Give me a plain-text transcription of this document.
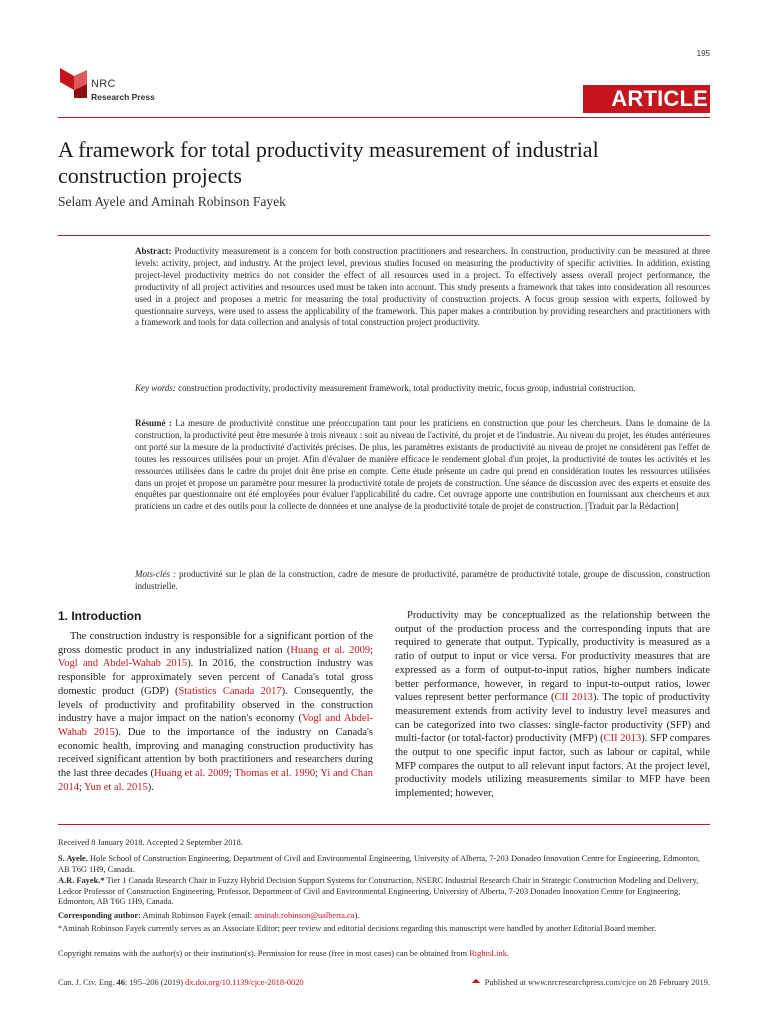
195
NRC
Research Press	ARTICLE
A framework for total productivity measurement of industrial construction projects
Selam Ayele and Aminah Robinson Fayek
Abstract: Productivity measurement is a concern for both construction practitioners and researchers. In construction, productivity can be measured at three levels: activity, project, and industry. At the project level, previous studies focused on measuring the productivity of specific activities. In addition, existing project-level productivity metrics do not consider the effect of all resources used in a project. To effectively assess overall project performance, the productivity of all project activities and resources used must be taken into account. This study presents a framework that takes into consideration all resources used in a project and proposes a metric for measuring the total productivity of construction projects. A focus group session with experts, followed by questionnaire surveys, were used to assess the applicability of the framework. This paper makes a contribution by providing researchers and practitioners with a framework and tools for data collection and analysis of total construction project productivity.
Key words: construction productivity, productivity measurement framework, total productivity metric, focus group, industrial construction.
Résumé : La mesure de productivité constitue une préoccupation tant pour les praticiens en construction que pour les chercheurs. Dans le domaine de la construction, la productivité peut être mesurée à trois niveaux : soit au niveau de l'activité, du projet et de l'industrie. Au niveau du projet, les études antérieures ont porté sur la mesure de la productivité d'activités précises. De plus, les paramètres existants de productivité au niveau de projet ne considèrent pas l'effet de toutes les ressources utilisées pour un projet. Afin d'évaluer de manière efficace le rendement global d'un projet, la productivité de toutes les activités et les ressources utilisées dans le cadre du projet doit être prise en compte. Cette étude présente un cadre qui prend en considération toutes les ressources utilisées dans un projet et propose un paramètre pour mesurer la productivité totale de projets de construction. Une séance de discussion avec des experts et ensuite des enquêtes par questionnaire ont été employées pour évaluer l'applicabilité du cadre. Cet ouvrage apporte une contribution en fournissant aux chercheurs et aux praticiens un cadre et des outils pour la collecte de données et une analyse de la productivité totale de projet de construction. [Traduit par la Rédaction]
Mots-clés : productivité sur le plan de la construction, cadre de mesure de productivité, paramètre de productivité totale, groupe de discussion, construction industrielle.
1. Introduction
The construction industry is responsible for a significant portion of the gross domestic product in any industrialized nation (Huang et al. 2009; Vogl and Abdel-Wahab 2015). In 2016, the construction industry was responsible for approximately seven percent of Canada's total gross domestic product (GDP) (Statistics Canada 2017). Consequently, the levels of productivity and profitability observed in the construction industry have a major impact on the nation's economy (Vogl and Abdel-Wahab 2015). Due to the importance of the industry on Canada's economic health, improving and managing construction productivity has received significant attention by both practitioners and researchers during the last three decades (Huang et al. 2009; Thomas et al. 1990; Yi and Chan 2014; Yun et al. 2015).
Productivity may be conceptualized as the relationship between the output of the production process and the corresponding inputs that are required to generate that output. Typically, productivity is measured as a ratio of output to input or vice versa. For productivity measures that are expressed as a form of output-to-input ratios, higher numbers indicate better performance, however, in regard to input-to-output ratios, lower values represent better performance (CII 2013). The topic of productivity measurement extends from activity level to industry level measures and can be categorized into two classes: single-factor productivity (SFP) and multi-factor (or total-factor) productivity (MFP) (CII 2013). SFP compares the output to one specific input factor, such as labour or capital, while MFP compares the output to all relevant input factors. At the project level, productivity models utilizing measurements similar to MFP have been implemented; however,
Received 8 January 2018. Accepted 2 September 2018.
S. Ayele. Hole School of Construction Engineering, Department of Civil and Environmental Engineering, University of Alberta, 7-203 Donadeo Innovation Centre for Engineering, Edmonton, AB T6G 1H9, Canada.
A.R. Fayek.* Tier 1 Canada Research Chair in Fuzzy Hybrid Decision Support Systems for Construction, NSERC Industrial Research Chair in Strategic Construction Modeling and Delivery, Ledcor Professor of Construction Engineering, Professor, Department of Civil and Environmental Engineering, University of Alberta, 7-203 Donadeo Innovation Centre for Engineering, Edmonton, AB T6G 1H9, Canada.
Corresponding author: Aminah Robinson Fayek (email: aminah.robinson@ualberta.ca).
*Aminah Robinson Fayek currently serves as an Associate Editor; peer review and editorial decisions regarding this manuscript were handled by another Editorial Board member.
Copyright remains with the author(s) or their institution(s). Permission for reuse (free in most cases) can be obtained from RightsLink.
Can. J. Civ. Eng. 46: 195–206 (2019) dx.doi.org/10.1139/cjce-2018-0020	Published at www.nrcresearchpress.com/cjce on 28 February 2019.
